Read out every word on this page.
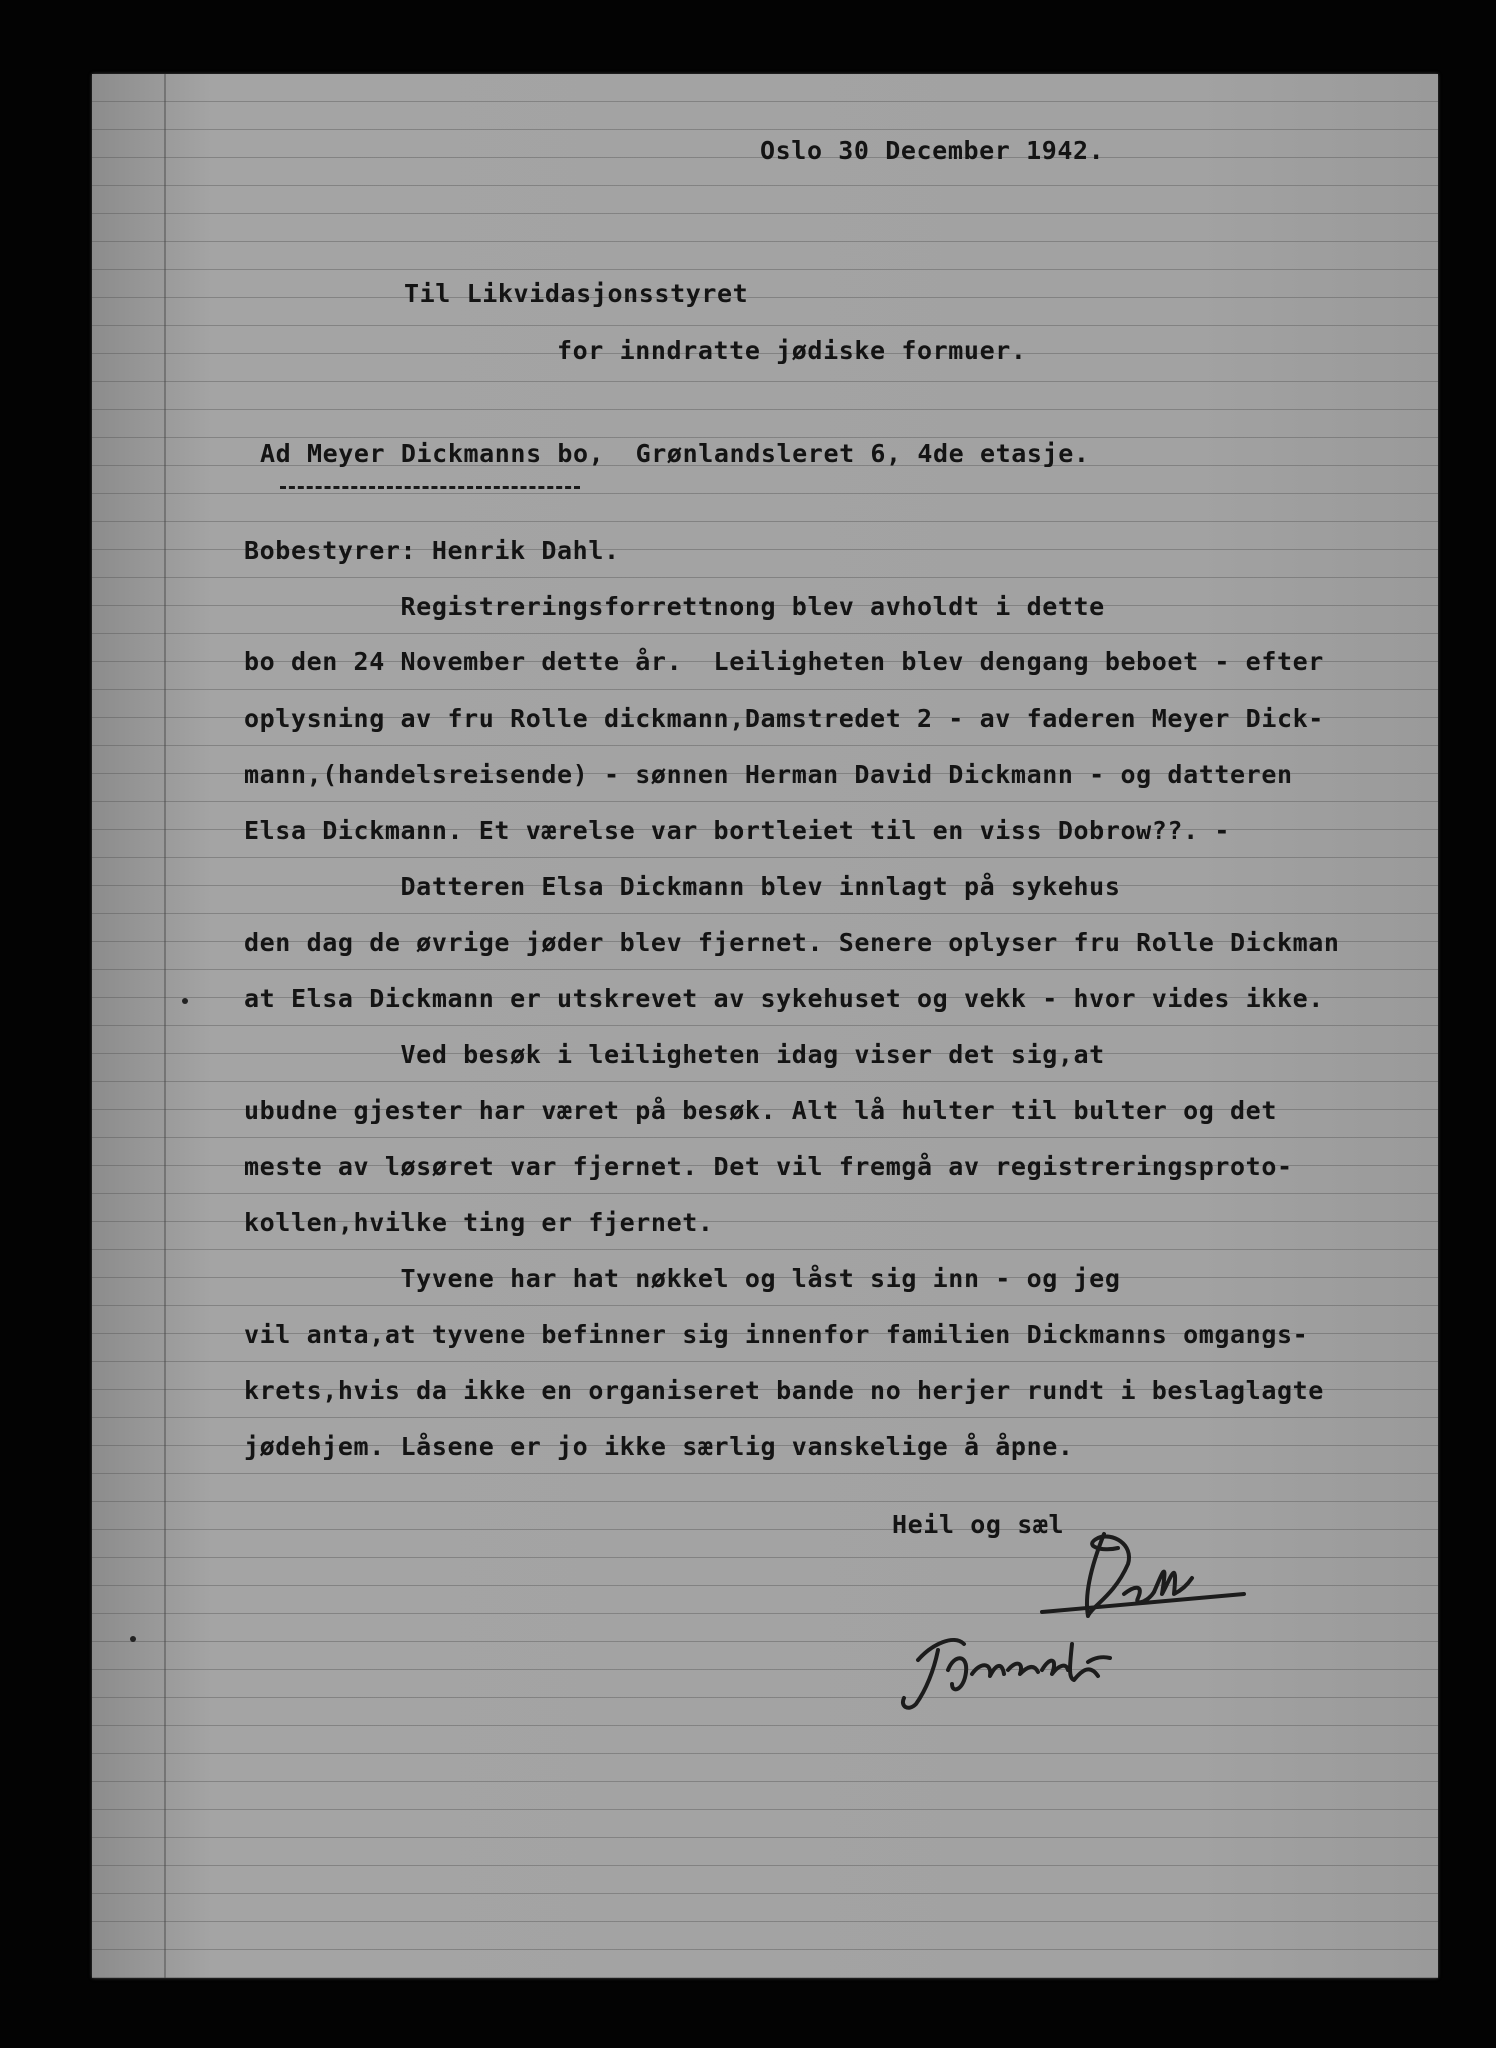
Oslo 30 December 1942.

Til Likvidasjonsstyret

for inndratte jødiske formuer.

Ad Meyer Dickmanns bo,  Grønlandsleret 6, 4de etasje.

Bobestyrer: Henrik Dahl.

Registreringsforrettnong blev avholdt i dette

bo den 24 November dette år.  Leiligheten blev dengang beboet - efter

oplysning av fru Rolle dickmann,Damstredet 2 - av faderen Meyer Dick-

mann,(handelsreisende) - sønnen Herman David Dickmann - og datteren

Elsa Dickmann. Et værelse var bortleiet til en viss Dobrow??. -

Datteren Elsa Dickmann blev innlagt på sykehus

den dag de øvrige jøder blev fjernet. Senere oplyser fru Rolle Dickman

at Elsa Dickmann er utskrevet av sykehuset og vekk - hvor vides ikke.

Ved besøk i leiligheten idag viser det sig,at

ubudne gjester har været på besøk. Alt lå hulter til bulter og det

meste av løsøret var fjernet. Det vil fremgå av registreringsproto-

kollen,hvilke ting er fjernet.

Tyvene har hat nøkkel og låst sig inn - og jeg

vil anta,at tyvene befinner sig innenfor familien Dickmanns omgangs-

krets,hvis da ikke en organiseret bande no herjer rundt i beslaglagte

jødehjem. Låsene er jo ikke særlig vanskelige å åpne.

Heil og sæl
